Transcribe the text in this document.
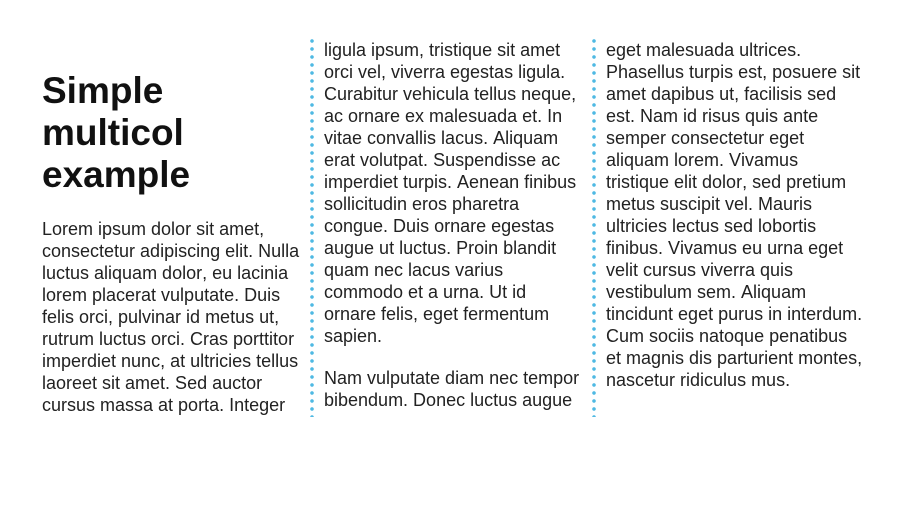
Simple multicol example

Lorem ipsum dolor sit amet, consectetur adipiscing elit. Nulla luctus aliquam dolor, eu lacinia lorem placerat vulputate. Duis felis orci, pulvinar id metus ut, rutrum luctus orci. Cras porttitor imperdiet nunc, at ultricies tellus laoreet sit amet. Sed auctor cursus massa at porta. Integer ligula ipsum, tristique sit amet orci vel, viverra egestas ligula. Curabitur vehicula tellus neque, ac ornare ex malesuada et. In vitae convallis lacus. Aliquam erat volutpat. Suspendisse ac imperdiet turpis. Aenean finibus sollicitudin eros pharetra congue. Duis ornare egestas augue ut luctus. Proin blandit quam nec lacus varius commodo et a urna. Ut id ornare felis, eget fermentum sapien.

Nam vulputate diam nec tempor bibendum. Donec luctus augue eget malesuada ultrices. Phasellus turpis est, posuere sit amet dapibus ut, facilisis sed est. Nam id risus quis ante semper consectetur eget aliquam lorem. Vivamus tristique elit dolor, sed pretium metus suscipit vel. Mauris ultricies lectus sed lobortis finibus. Vivamus eu urna eget velit cursus viverra quis vestibulum sem. Aliquam tincidunt eget purus in interdum. Cum sociis natoque penatibus et magnis dis parturient montes, nascetur ridiculus mus.
